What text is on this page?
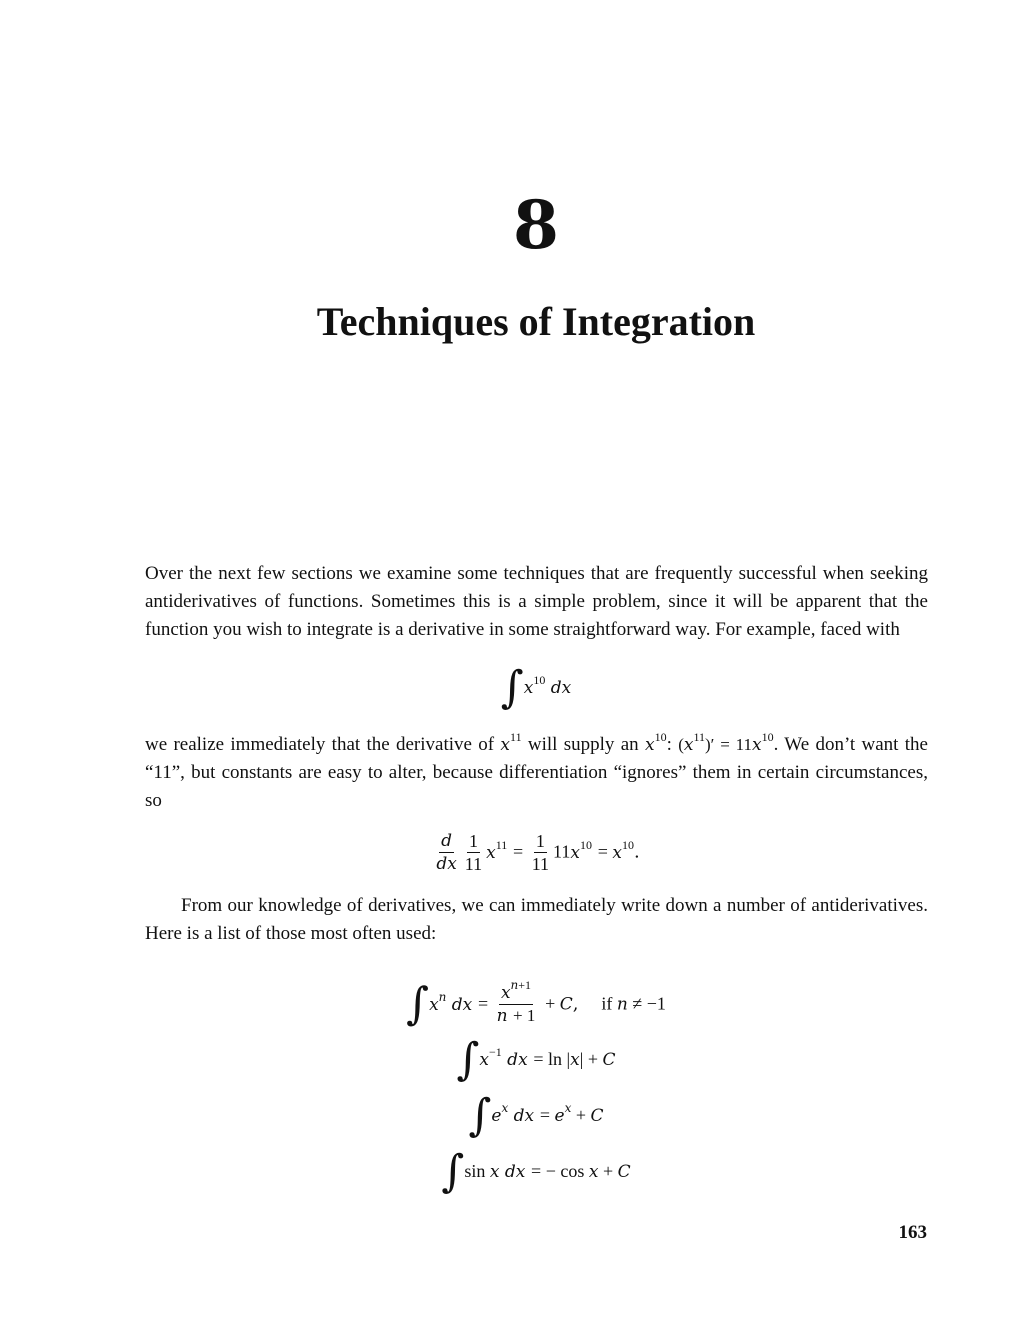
8
Techniques of Integration

Over the next few sections we examine some techniques that are frequently successful when seeking antiderivatives of functions. Sometimes this is a simple problem, since it will be apparent that the function you wish to integrate is a derivative in some straightforward way. For example, faced with

$\int x^{10}$ dx

we realize immediately that the derivative of $x^{11}$ will supply an $x^{10}$: $(x^{11})' = 11x^{10}$. We don’t want the “11”, but constants are easy to alter, because differentiation “ignores” them in certain circumstances, so

$\frac{d}{dx} \frac{1}{11} x^{11} = \frac{1}{11} 11x^{10} = x^{10}$.

From our knowledge of derivatives, we can immediately write down a number of antiderivatives. Here is a list of those most often used:

$\int x^n$ dx = $\frac{x^{n+1}}{n + 1} + C$,    if n ≠ −1
$\int x^{-1}$ dx = ln |x| + C
$\int e^x$ dx = $e^x + C$
∫sin x dx = − cos x + C
163
